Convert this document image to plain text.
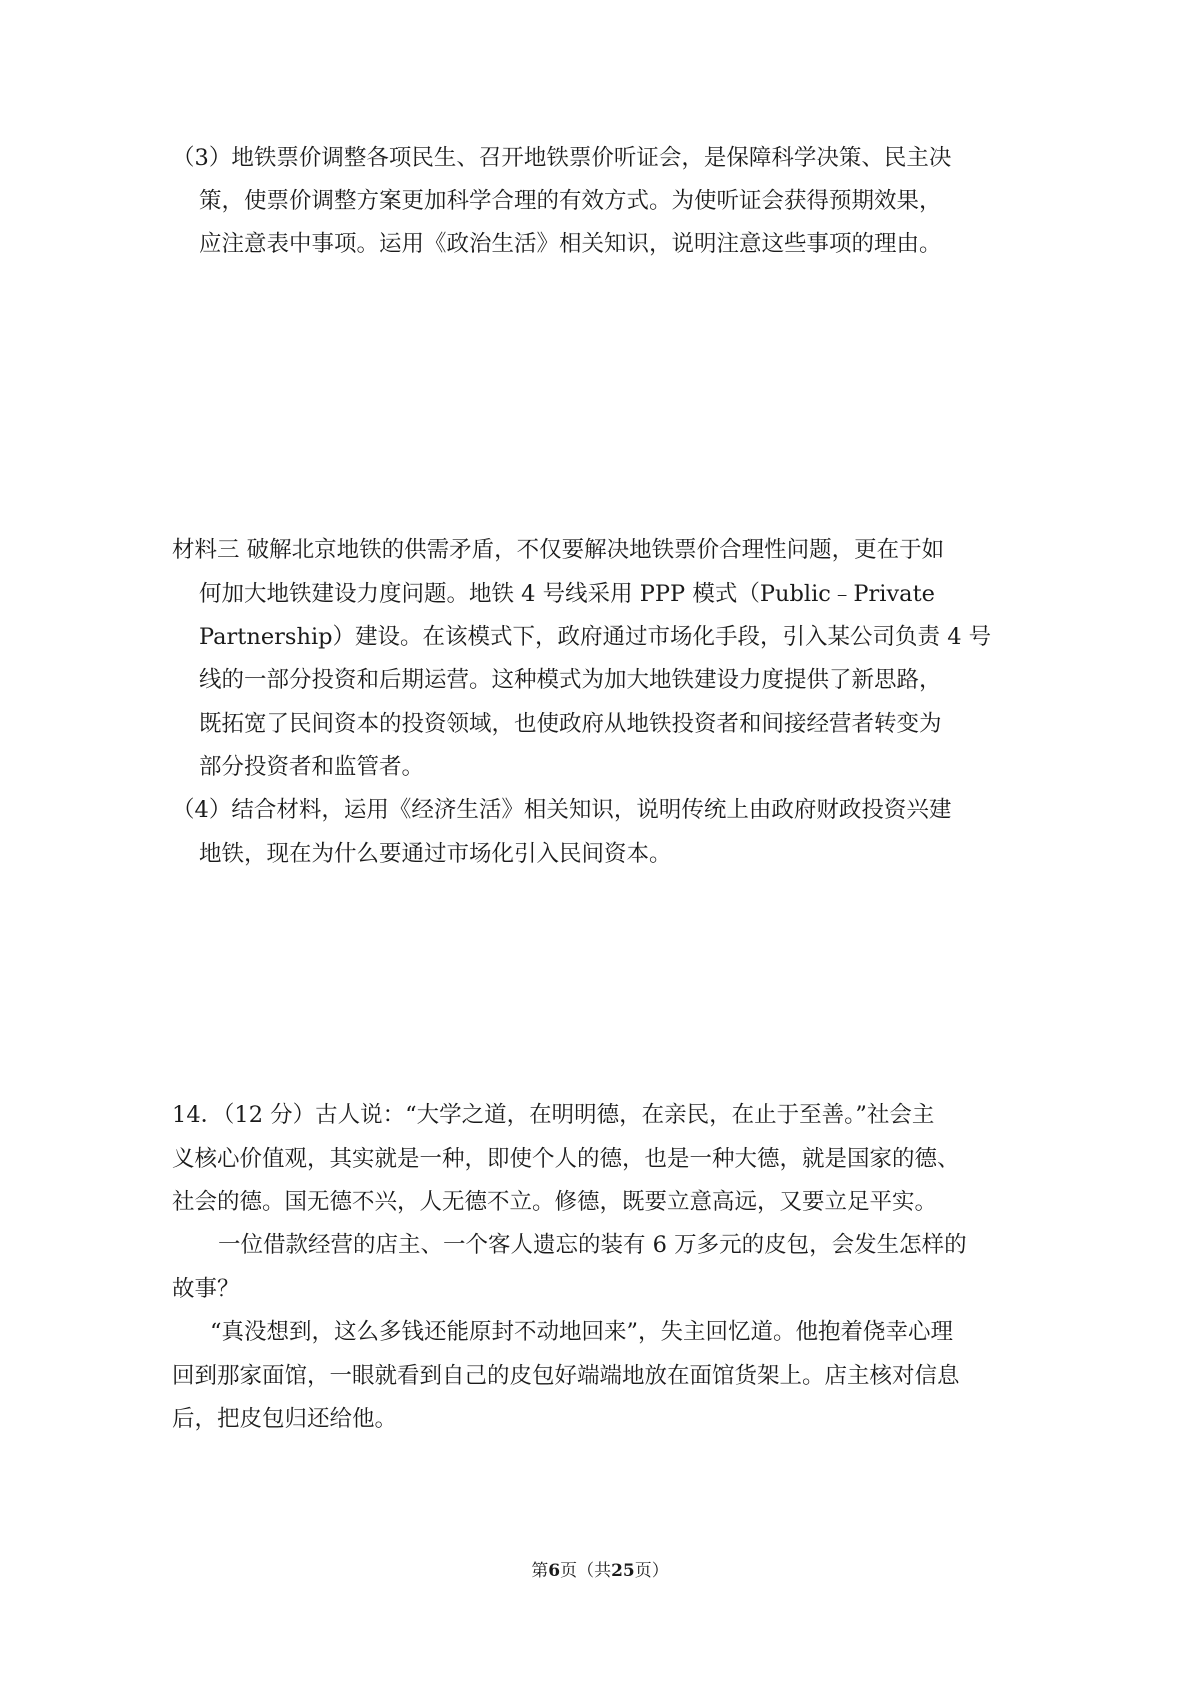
（3）地铁票价调整各项民生、召开地铁票价听证会，是保障科学决策、民主决
策，使票价调整方案更加科学合理的有效方式。为使听证会获得预期效果，
应注意表中事项。运用《政治生活》相关知识，说明注意这些事项的理由。
材料三 破解北京地铁的供需矛盾，不仅要解决地铁票价合理性问题，更在于如
何加大地铁建设力度问题。地铁 4 号线采用 PPP 模式（Public﹣Private
Partnership）建设。在该模式下，政府通过市场化手段，引入某公司负责 4 号
线的一部分投资和后期运营。这种模式为加大地铁建设力度提供了新思路，
既拓宽了民间资本的投资领域，也使政府从地铁投资者和间接经营者转变为
部分投资者和监管者。
（4）结合材料，运用《经济生活》相关知识，说明传统上由政府财政投资兴建
地铁，现在为什么要通过市场化引入民间资本。
14．（12 分）古人说：“大学之道，在明明德，在亲民，在止于至善。”社会主
义核心价值观，其实就是一种，即使个人的德，也是一种大德，就是国家的德、
社会的德。国无德不兴，人无德不立。修德，既要立意高远，又要立足平实。
一位借款经营的店主、一个客人遗忘的装有 6 万多元的皮包，会发生怎样的
故事？
“真没想到，这么多钱还能原封不动地回来”，失主回忆道。他抱着侥幸心理
回到那家面馆，一眼就看到自己的皮包好端端地放在面馆货架上。店主核对信息
后，把皮包归还给他。
第6页（共25页）
